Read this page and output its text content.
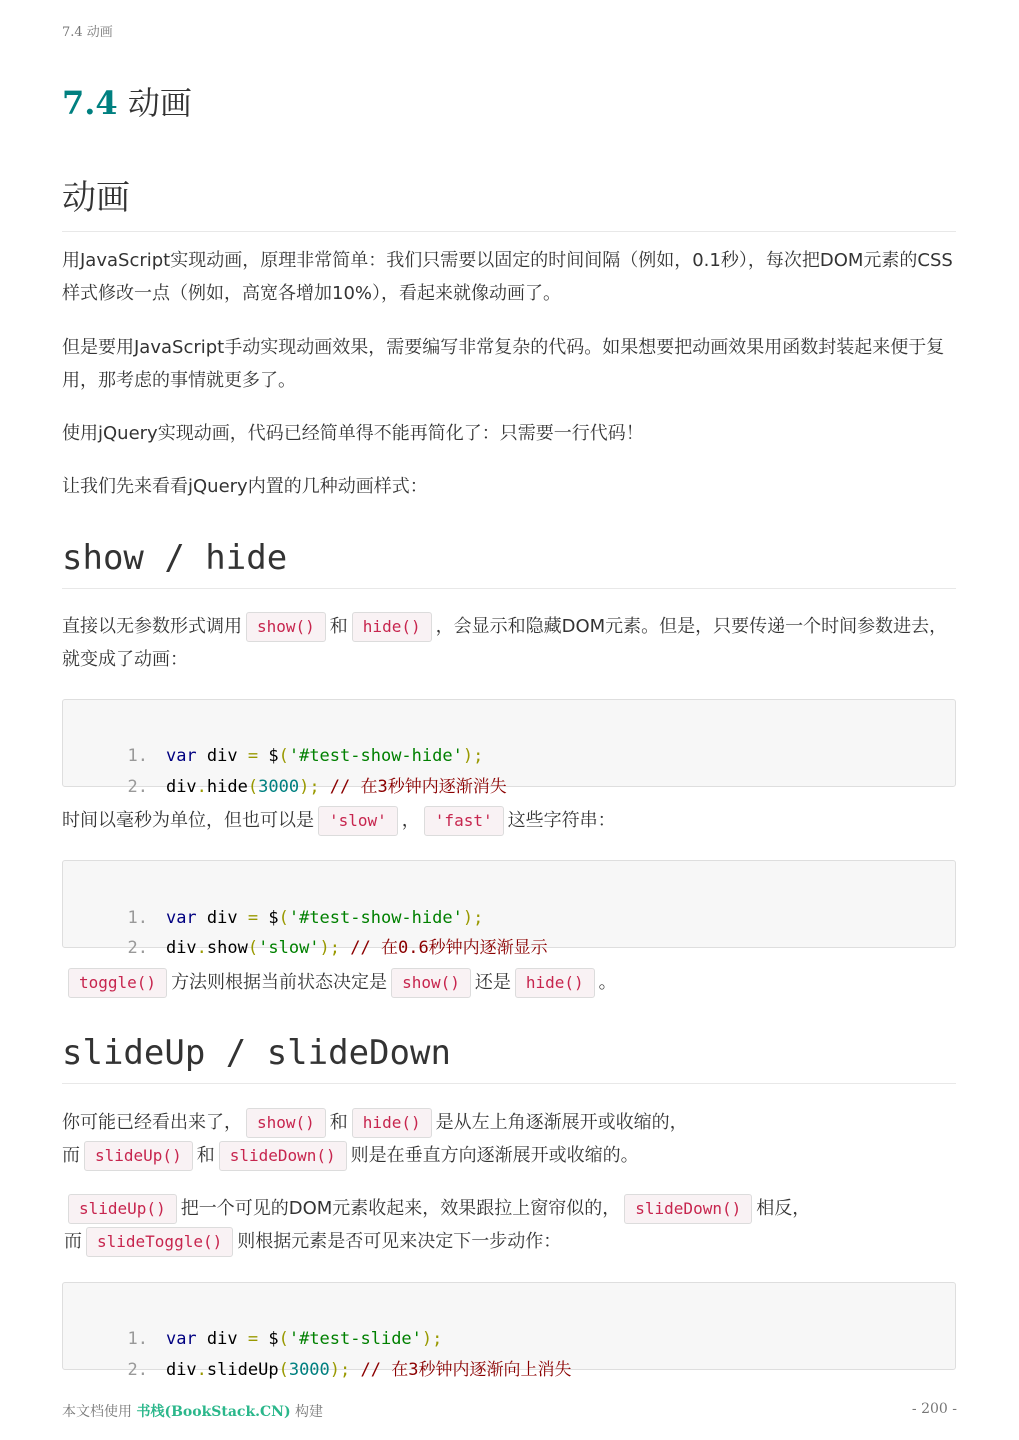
7.4 动画
7.4 动画
动画

用JavaScript实现动画，原理非常简单：我们只需要以固定的时间间隔（例如，0.1秒），每次把DOM元素的CSS样式修改一点（例如，高宽各增加10%），看起来就像动画了。

但是要用JavaScript手动实现动画效果，需要编写非常复杂的代码。如果想要把动画效果用函数封装起来便于复用，那考虑的事情就更多了。

使用jQuery实现动画，代码已经简单得不能再简化了：只需要一行代码！

让我们先来看看jQuery内置的几种动画样式：

show / hide

直接以无参数形式调用 show() 和 hide() ，会显示和隐藏DOM元素。但是，只要传递一个时间参数进去，就变成了动画：

1. var div = $('#test-show-hide');

2. div.hide(3000); // 在3秒钟内逐渐消失

时间以毫秒为单位，但也可以是 'slow' ， 'fast' 这些字符串：

1. var div = $('#test-show-hide');

2. div.show('slow'); // 在0.6秒钟内逐渐显示

toggle() 方法则根据当前状态决定是 show() 还是 hide() 。

slideUp / slideDown

你可能已经看出来了， show() 和 hide() 是从左上角逐渐展开或收缩的，
而 slideUp() 和 slideDown() 则是在垂直方向逐渐展开或收缩的。

slideUp() 把一个可见的DOM元素收起来，效果跟拉上窗帘似的， slideDown() 相反，
而 slideToggle() 则根据元素是否可见来决定下一步动作：

1. var div = $('#test-slide');

2. div.slideUp(3000); // 在3秒钟内逐渐向上消失

本文档使用 书栈(BookStack.CN) 构建	- 200 -
